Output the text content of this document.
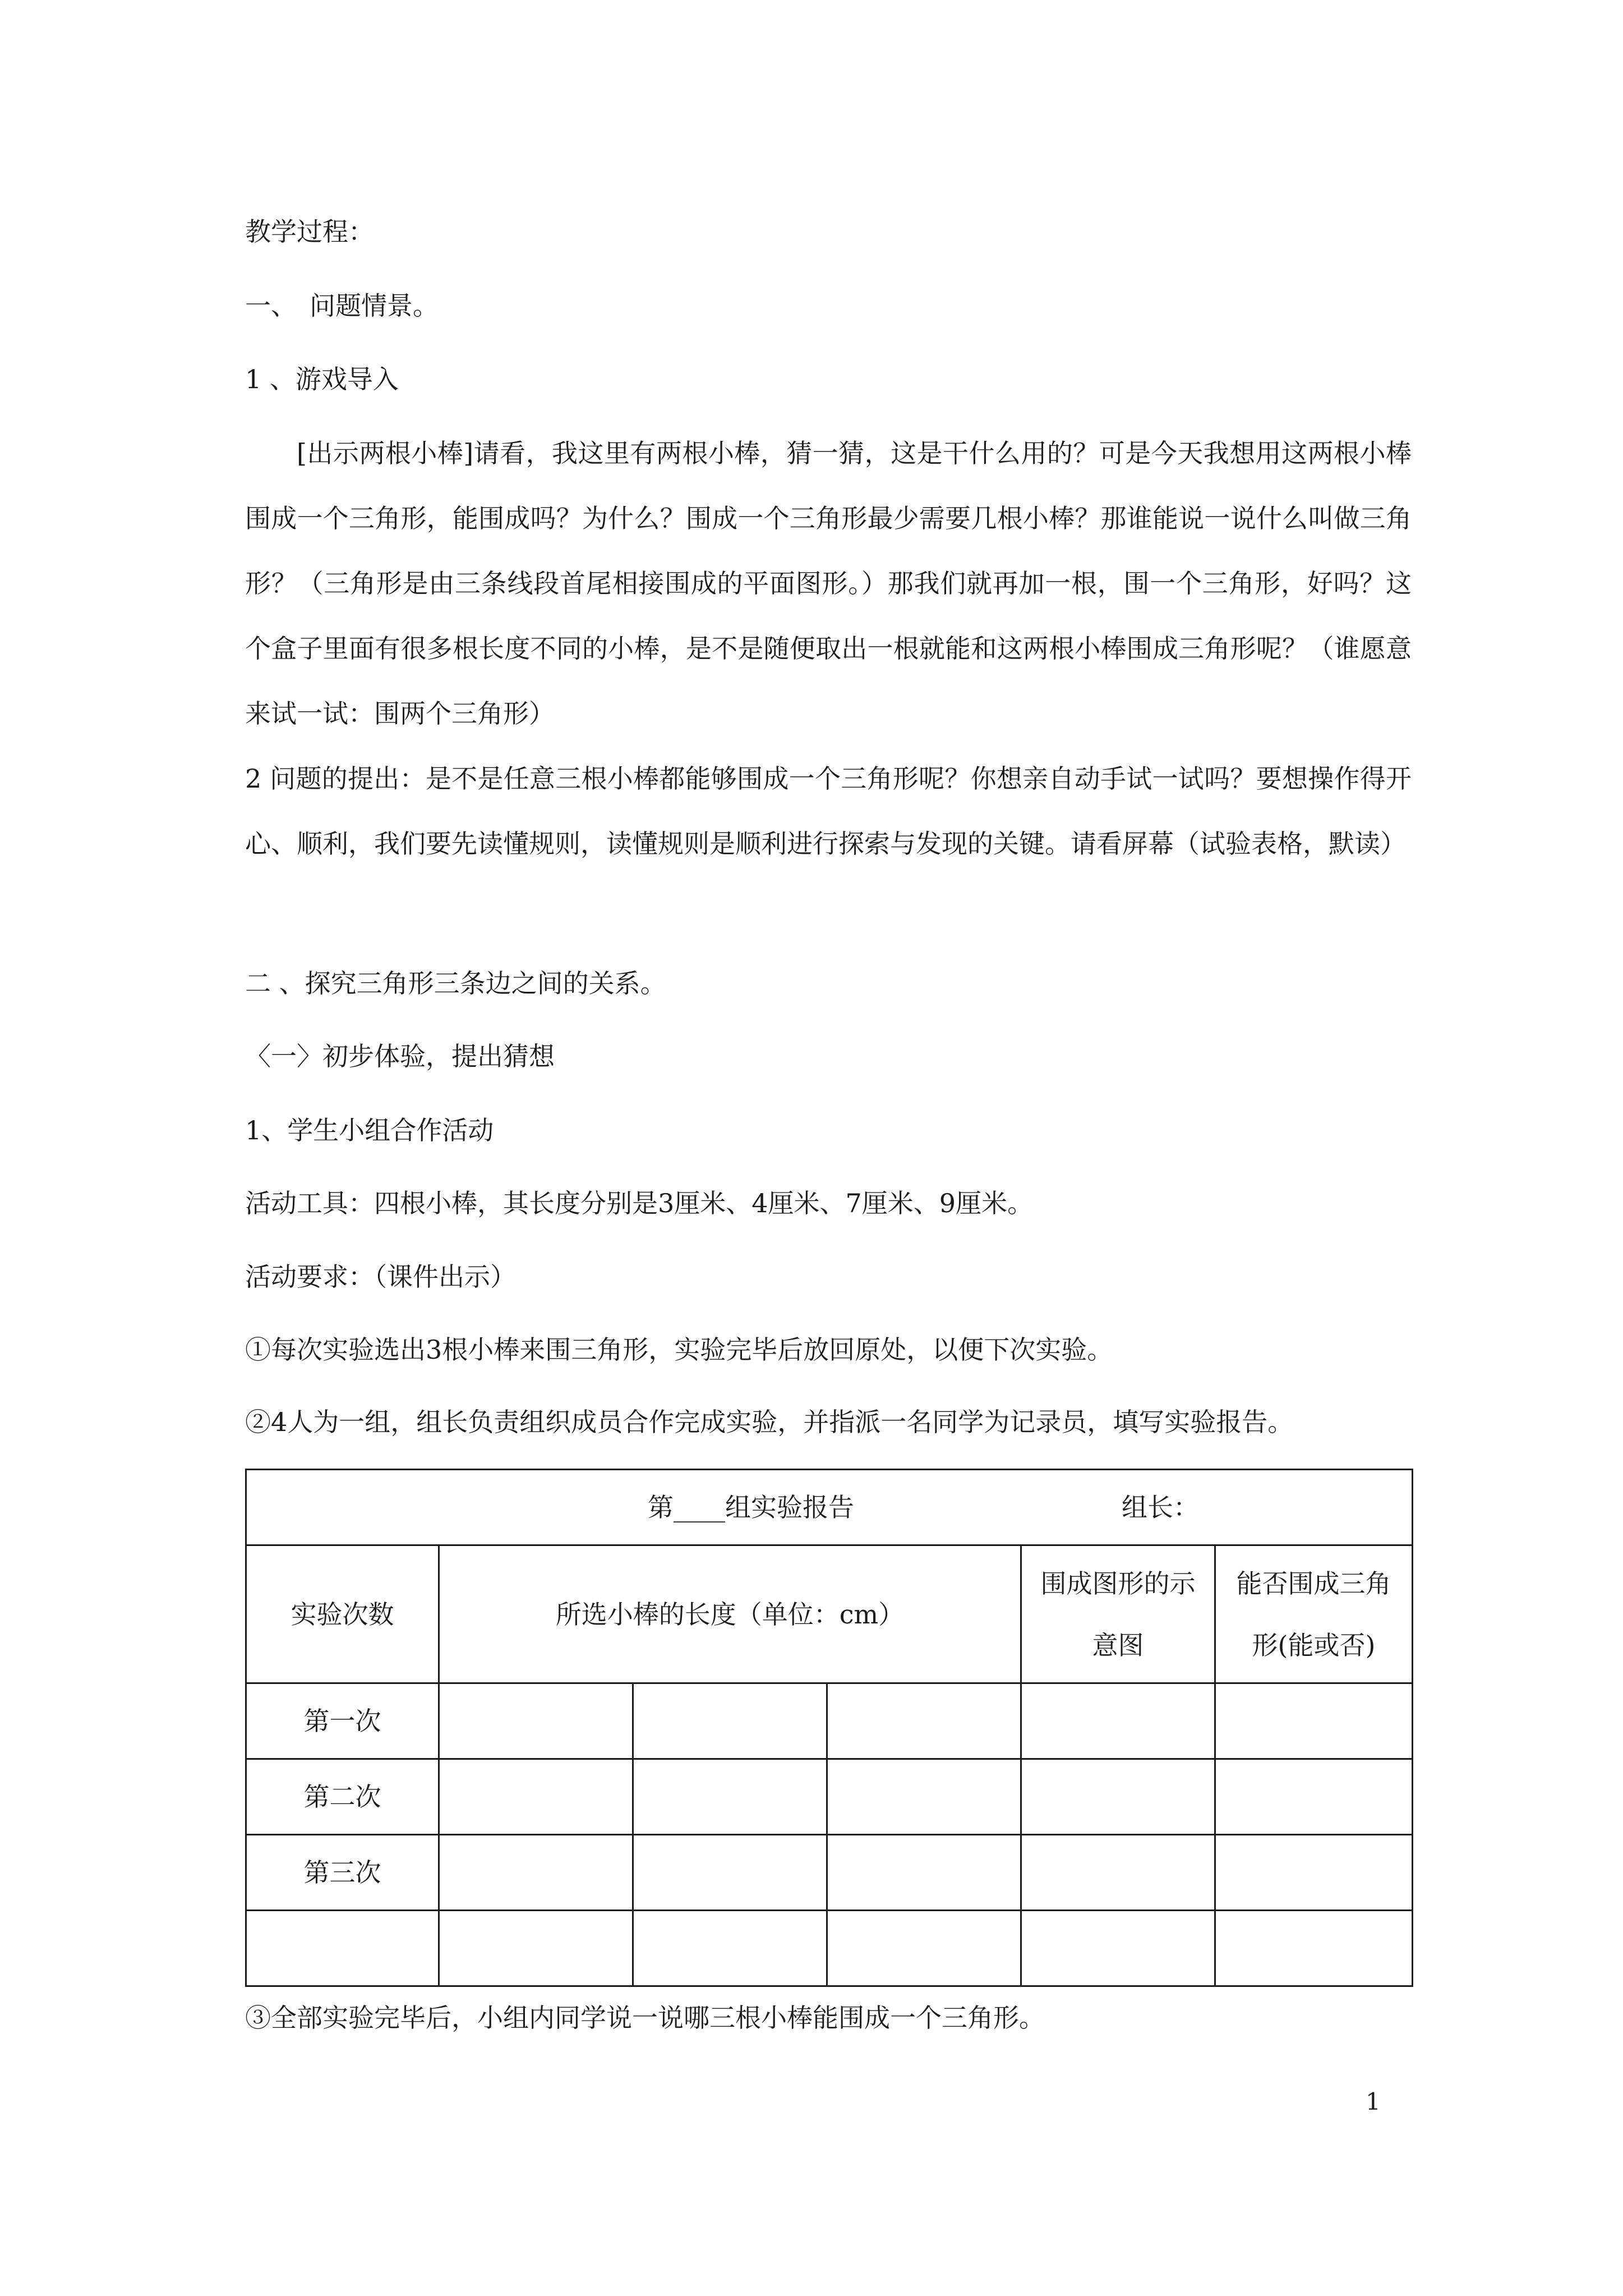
教学过程：
一、　问题情景。
1 、游戏导入
[出示两根小棒]请看，我这里有两根小棒，猜一猜，这是干什么用的？可是今天我想用这两根小棒围成一个三角形，能围成吗？为什么？围成一个三角形最少需要几根小棒？那谁能说一说什么叫做三角形？（三角形是由三条线段首尾相接围成的平面图形。）那我们就再加一根，围一个三角形，好吗？这个盒子里面有很多根长度不同的小棒，是不是随便取出一根就能和这两根小棒围成三角形呢？（谁愿意来试一试：围两个三角形）
2 问题的提出：是不是任意三根小棒都能够围成一个三角形呢？你想亲自动手试一试吗？要想操作得开心、顺利，我们要先读懂规则，读懂规则是顺利进行探索与发现的关键。请看屏幕（试验表格，默读）
二 、探究三角形三条边之间的关系。
〈一〉初步体验，提出猜想
1、学生小组合作活动
活动工具：四根小棒，其长度分别是3厘米、4厘米、7厘米、9厘米。
活动要求：（课件出示）
①每次实验选出3根小棒来围三角形，实验完毕后放回原处，以便下次实验。
②4人为一组，组长负责组织成员合作完成实验，并指派一名同学为记录员，填写实验报告。
第____组实验报告 组长：					

实验次数	所选小棒的长度（单位：cm）			围成图形的示意图	能否围成三角形(能或否)

第一次					
第二次					
第三次					

③全部实验完毕后，小组内同学说一说哪三根小棒能围成一个三角形。
1
